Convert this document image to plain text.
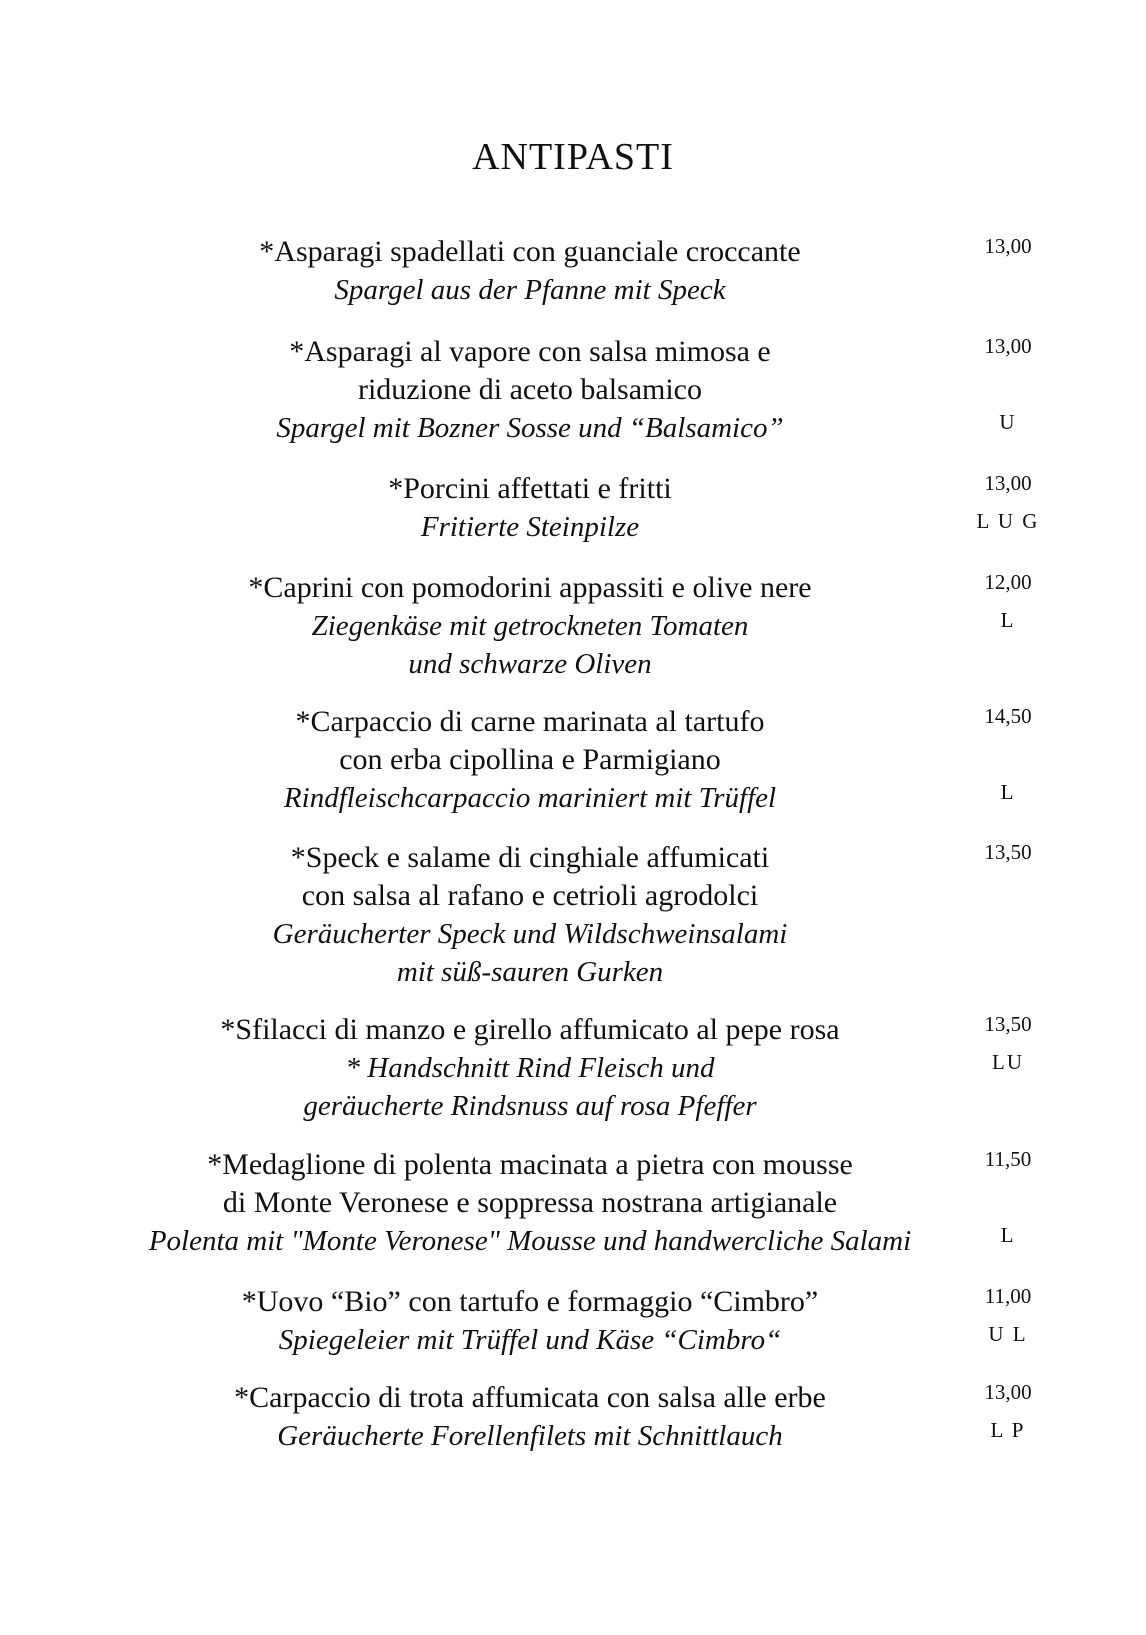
ANTIPASTI
*Asparagi spadellati con guanciale croccante
Spargel aus der Pfanne mit Speck
13,00
*Asparagi al vapore con salsa mimosa e
riduzione di aceto balsamico
Spargel mit Bozner Sosse und “Balsamico”
13,00
U
*Porcini affettati e fritti
Fritierte Steinpilze
13,00
L U G
*Caprini con pomodorini appassiti e olive nere
Ziegenkäse mit getrockneten Tomaten
und schwarze Oliven
12,00
L
*Carpaccio di carne marinata al tartufo
con erba cipollina e Parmigiano
Rindfleischcarpaccio mariniert mit Trüffel
14,50
L
*Speck e salame di cinghiale affumicati
con salsa al rafano e cetrioli agrodolci
Geräucherter Speck und Wildschweinsalami
mit süß-sauren Gurken
13,50
*Sfilacci di manzo e girello affumicato al pepe rosa
* Handschnitt Rind Fleisch und
geräucherte Rindsnuss auf rosa Pfeffer
13,50
LU
*Medaglione di polenta macinata a pietra con mousse
di Monte Veronese e soppressa nostrana artigianale
Polenta mit "Monte Veronese" Mousse und handwercliche Salami
11,50
L
*Uovo “Bio” con tartufo e formaggio “Cimbro”
Spiegeleier mit Trüffel und Käse “Cimbro“
11,00
U L
*Carpaccio di trota affumicata con salsa alle erbe
Geräucherte Forellenfilets mit Schnittlauch
13,00
L P
